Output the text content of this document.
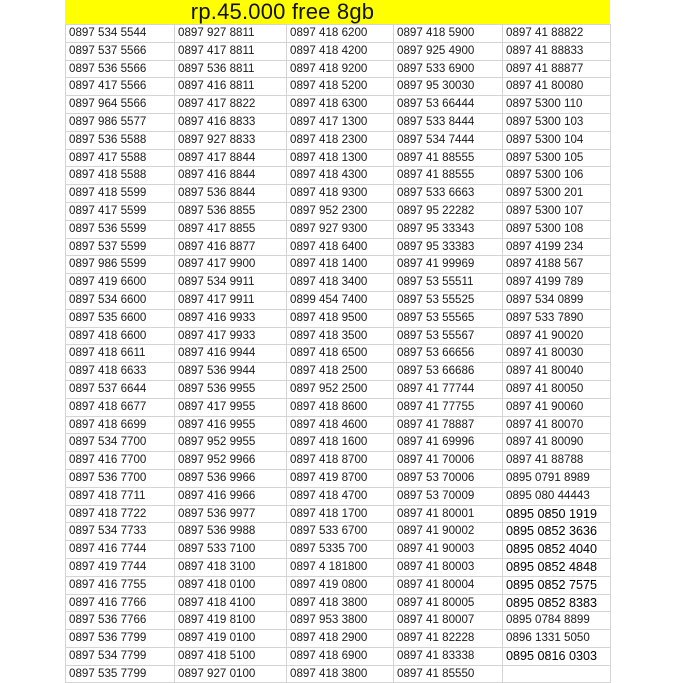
rp.45.000 free 8gb
0897 534 5544	0897 927 8811	0897 418 6200	0897 418 5900	0897 41 88822
0897 537 5566	0897 417 8811	0897 418 4200	0897 925 4900	0897 41 88833
0897 536 5566	0897 536 8811	0897 418 9200	0897 533 6900	0897 41 88877
0897 417 5566	0897 416 8811	0897 418 5200	0897 95 30030	0897 41 80080
0897 964 5566	0897 417 8822	0897 418 6300	0897 53 66444	0897 5300 110
0897 986 5577	0897 416 8833	0897 417 1300	0897 533 8444	0897 5300 103
0897 536 5588	0897 927 8833	0897 418 2300	0897 534 7444	0897 5300 104
0897 417 5588	0897 417 8844	0897 418 1300	0897 41 88555	0897 5300 105
0897 418 5588	0897 416 8844	0897 418 4300	0897 41 88555	0897 5300 106
0897 418 5599	0897 536 8844	0897 418 9300	0897 533 6663	0897 5300 201
0897 417 5599	0897 536 8855	0897 952 2300	0897 95 22282	0897 5300 107
0897 536 5599	0897 417 8855	0897 927 9300	0897 95 33343	0897 5300 108
0897 537 5599	0897 416 8877	0897 418 6400	0897 95 33383	0897 4199 234
0897 986 5599	0897 417 9900	0897 418 1400	0897 41 99969	0897 4188 567
0897 419 6600	0897 534 9911	0897 418 3400	0897 53 55511	0897 4199 789
0897 534 6600	0897 417 9911	0899 454 7400	0897 53 55525	0897 534 0899
0897 535 6600	0897 416 9933	0897 418 9500	0897 53 55565	0897 533 7890
0897 418 6600	0897 417 9933	0897 418 3500	0897 53 55567	0897 41 90020
0897 418 6611	0897 416 9944	0897 418 6500	0897 53 66656	0897 41 80030
0897 418 6633	0897 536 9944	0897 418 2500	0897 53 66686	0897 41 80040
0897 537 6644	0897 536 9955	0897 952 2500	0897 41 77744	0897 41 80050
0897 418 6677	0897 417 9955	0897 418 8600	0897 41 77755	0897 41 90060
0897 418 6699	0897 416 9955	0897 418 4600	0897 41 78887	0897 41 80070
0897 534 7700	0897 952 9955	0897 418 1600	0897 41 69996	0897 41 80090
0897 416 7700	0897 952 9966	0897 418 8700	0897 41 70006	0897 41 88788
0897 536 7700	0897 536 9966	0897 419 8700	0897 53 70006	0895 0791 8989
0897 418 7711	0897 416 9966	0897 418 4700	0897 53 70009	0895 080 44443
0897 418 7722	0897 536 9977	0897 418 1700	0897 41 80001	0895 0850 1919
0897 534 7733	0897 536 9988	0897 533 6700	0897 41 90002	0895 0852 3636
0897 416 7744	0897 533 7100	0897 5335 700	0897 41 90003	0895 0852 4040
0897 419 7744	0897 418 3100	0897 4 181800	0897 41 80003	0895 0852 4848
0897 416 7755	0897 418 0100	0897 419 0800	0897 41 80004	0895 0852 7575
0897 416 7766	0897 418 4100	0897 418 3800	0897 41 80005	0895 0852 8383
0897 536 7766	0897 419 8100	0897 953 3800	0897 41 80007	0895 0784 8899
0897 536 7799	0897 419 0100	0897 418 2900	0897 41 82228	0896 1331 5050
0897 534 7799	0897 418 5100	0897 418 6900	0897 41 83338	0895 0816 0303
0897 535 7799	0897 927 0100	0897 418 3800	0897 41 85550	
